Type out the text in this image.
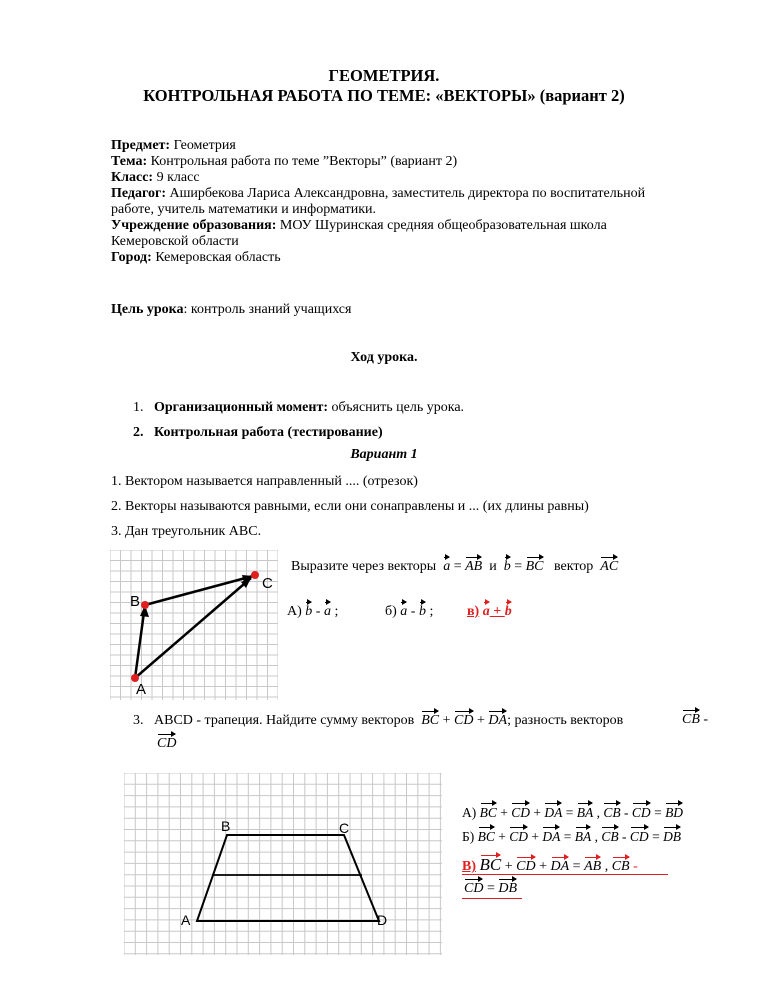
ГЕОМЕТРИЯ.
КОНТРОЛЬНАЯ РАБОТА ПО ТЕМЕ: «ВЕКТОРЫ» (вариант 2)
Предмет: Геометрия
Тема: Контрольная работа по теме ”Векторы” (вариант 2)
Класс: 9 класс
Педагог: Аширбекова Лариса Александровна, заместитель директора по воспитательной
работе, учитель математики и информатики.
Учреждение образования: МОУ Шуринская средняя общеобразовательная школа
Кемеровской области
Город: Кемеровская область
Цель урока: контроль знаний учащихся
Ход урока.
1. Организационный момент: объяснить цель урока.
2. Контрольная работа (тестирование)
Вариант 1
1. Вектором называется направленный .... (отрезок)
2. Векторы называются равными, если они сонаправлены и ... (их длины равны)
3. Дан треугольник АВС.
A
B
C
Выразите через векторы a = AB и b = BC вектор AC
А) b - a ;	б) a - b ; в) a + b
3. ABCD - трапеция. Найдите сумму векторов BC + CD + DA; разность векторов	CB -
CD
B	C
A	D
А) BC + CD + DA = BA , CB - CD = BD
Б) BC + CD + DA = BA , CB - CD = DB
В) BC + CD + DA = AB , CB -
CD = DB
